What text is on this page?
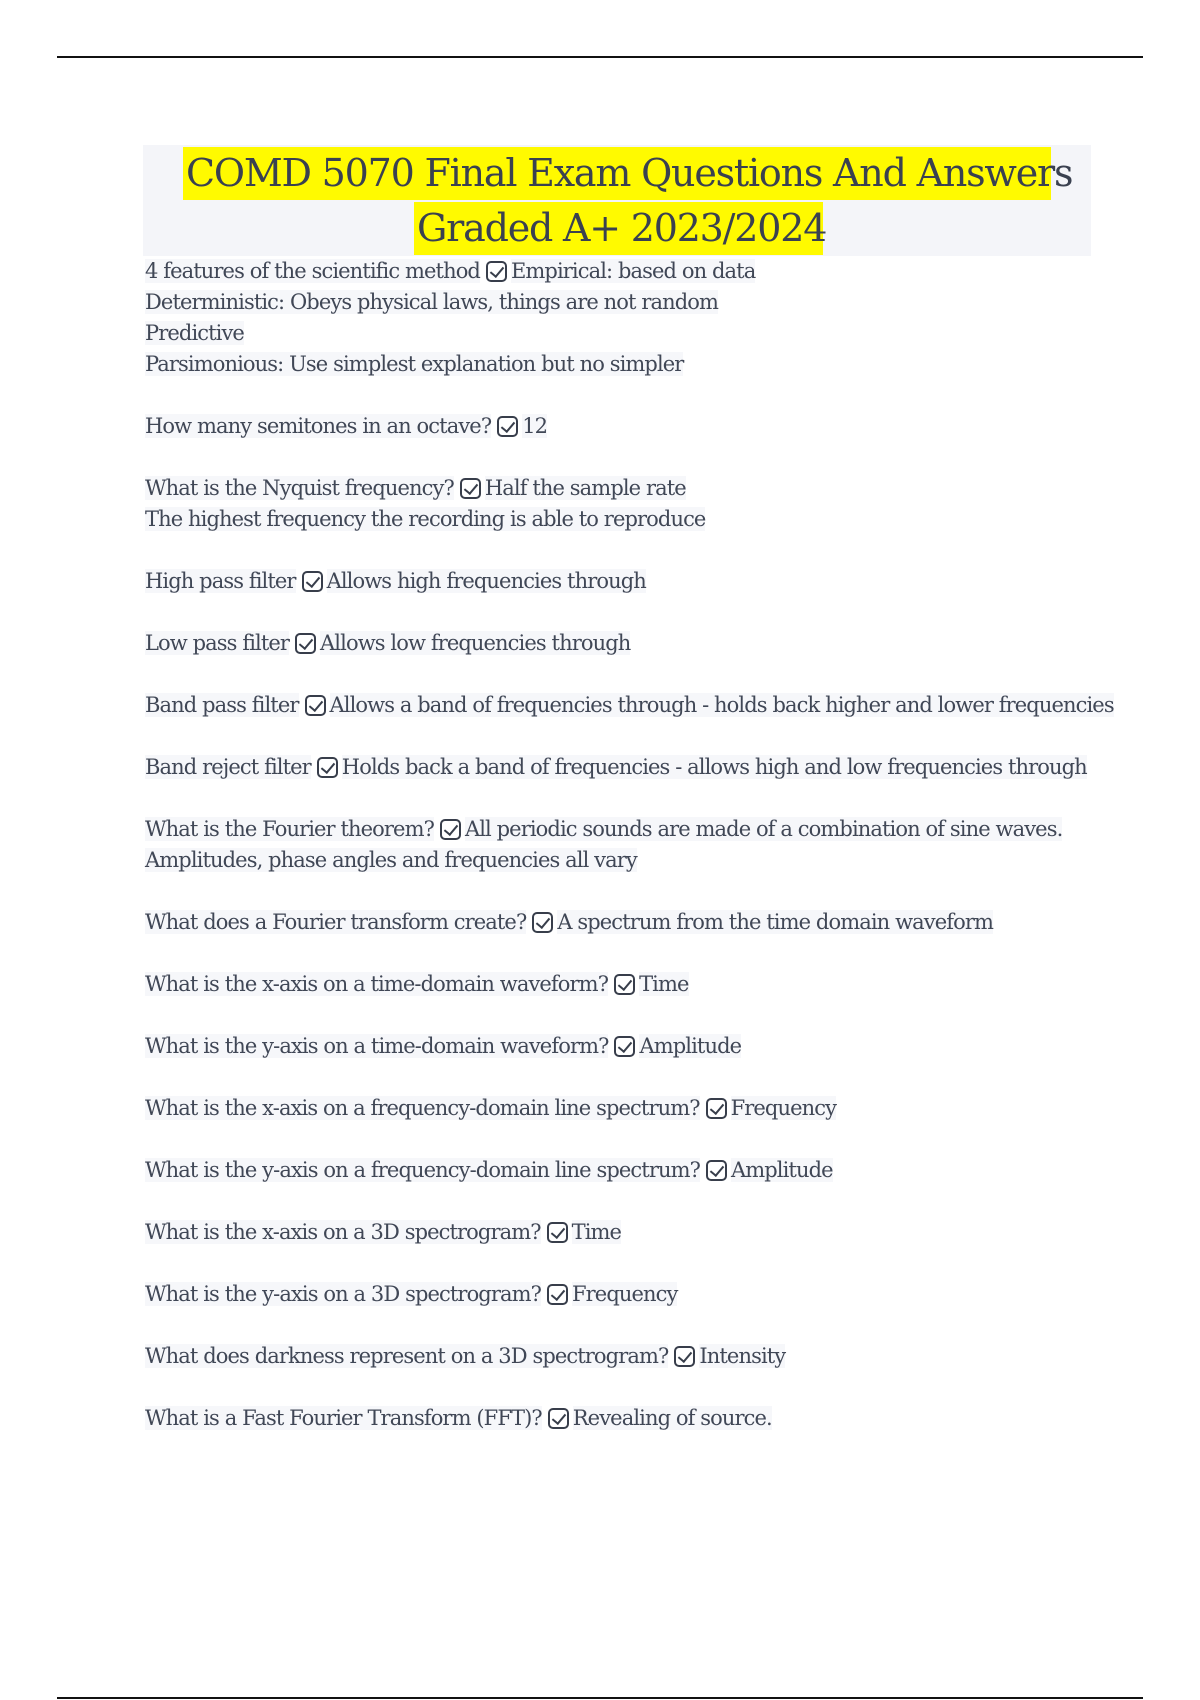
COMD 5070 Final Exam Questions And Answers
Graded A+ 2023/2024
4 features of the scientific method Empirical: based on data
Deterministic: Obeys physical laws, things are not random
Predictive
Parsimonious: Use simplest explanation but no simpler
How many semitones in an octave? 12
What is the Nyquist frequency? Half the sample rate
The highest frequency the recording is able to reproduce
High pass filter Allows high frequencies through
Low pass filter Allows low frequencies through
Band pass filter Allows a band of frequencies through - holds back higher and lower frequencies
Band reject filter Holds back a band of frequencies - allows high and low frequencies through
What is the Fourier theorem? All periodic sounds are made of a combination of sine waves.
Amplitudes, phase angles and frequencies all vary
What does a Fourier transform create? A spectrum from the time domain waveform
What is the x-axis on a time-domain waveform? Time
What is the y-axis on a time-domain waveform? Amplitude
What is the x-axis on a frequency-domain line spectrum? Frequency
What is the y-axis on a frequency-domain line spectrum? Amplitude
What is the x-axis on a 3D spectrogram? Time
What is the y-axis on a 3D spectrogram? Frequency
What does darkness represent on a 3D spectrogram? Intensity
What is a Fast Fourier Transform (FFT)? Revealing of source.
